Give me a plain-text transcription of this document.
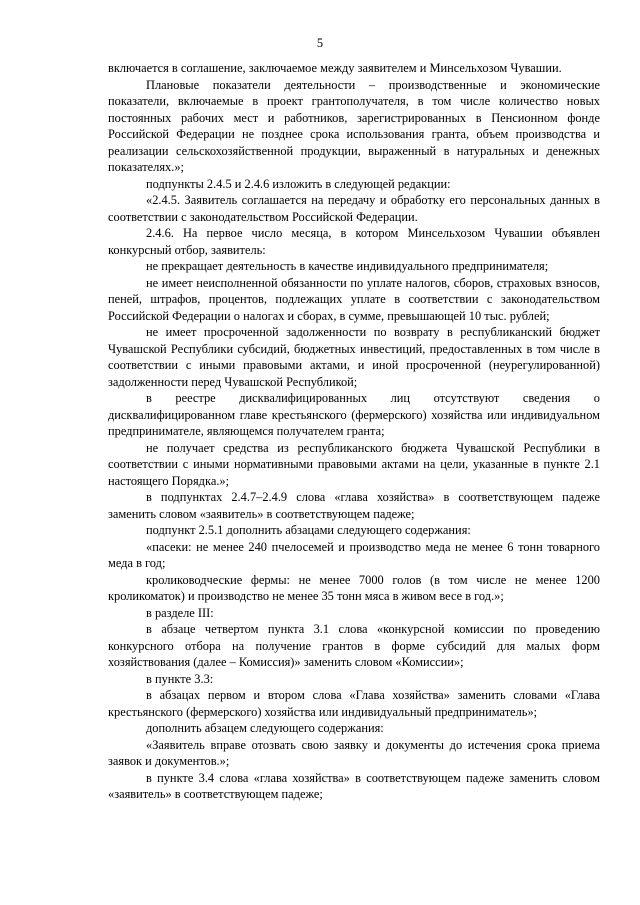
5

включается в соглашение, заключаемое между заявителем и Минсельхозом Чувашии.

Плановые показатели деятельности – производственные и экономические показатели, включаемые в проект грантополучателя, в том числе количество новых постоянных рабочих мест и работников, зарегистрированных в Пенсионном фонде Российской Федерации не позднее срока использования гранта, объем производства и реализации сельскохозяйственной продукции, выраженный в натуральных и денежных показателях.»;

подпункты 2.4.5 и 2.4.6 изложить в следующей редакции:

«2.4.5. Заявитель соглашается на передачу и обработку его персональных данных в соответствии с законодательством Российской Федерации.

2.4.6. На первое число месяца, в котором Минсельхозом Чувашии объявлен конкурсный отбор, заявитель:

не прекращает деятельность в качестве индивидуального предпринимателя;

не имеет неисполненной обязанности по уплате налогов, сборов, страховых взносов, пеней, штрафов, процентов, подлежащих уплате в соответствии с законодательством Российской Федерации о налогах и сборах, в сумме, превышающей 10 тыс. рублей;

не имеет просроченной задолженности по возврату в республиканский бюджет Чувашской Республики субсидий, бюджетных инвестиций, предоставленных в том числе в соответствии с иными правовыми актами, и иной просроченной (неурегулированной) задолженности перед Чувашской Республикой;

в реестре дисквалифицированных лиц отсутствуют сведения о дисквалифицированном главе крестьянского (фермерского) хозяйства или индивидуальном предпринимателе, являющемся получателем гранта;

не получает средства из республиканского бюджета Чувашской Республики в соответствии с иными нормативными правовыми актами на цели, указанные в пункте 2.1 настоящего Порядка.»;

в подпунктах 2.4.7–2.4.9 слова «глава хозяйства» в соответствующем падеже заменить словом «заявитель» в соответствующем падеже;

подпункт 2.5.1 дополнить абзацами следующего содержания:

«пасеки: не менее 240 пчелосемей и производство меда не менее 6 тонн товарного меда в год;

кролиководческие фермы: не менее 7000 голов (в том числе не менее 1200 кроликоматок) и производство не менее 35 тонн мяса в живом весе в год.»;

в разделе III:

в абзаце четвертом пункта 3.1 слова «конкурсной комиссии по проведению конкурсного отбора на получение грантов в форме субсидий для малых форм хозяйствования (далее – Комиссия)» заменить словом «Комиссии»;

в пункте 3.3:

в абзацах первом и втором слова «Глава хозяйства» заменить словами «Глава крестьянского (фермерского) хозяйства или индивидуальный предприниматель»;

дополнить абзацем следующего содержания:

«Заявитель вправе отозвать свою заявку и документы до истечения срока приема заявок и документов.»;

в пункте 3.4 слова «глава хозяйства» в соответствующем падеже заменить словом «заявитель» в соответствующем падеже;
